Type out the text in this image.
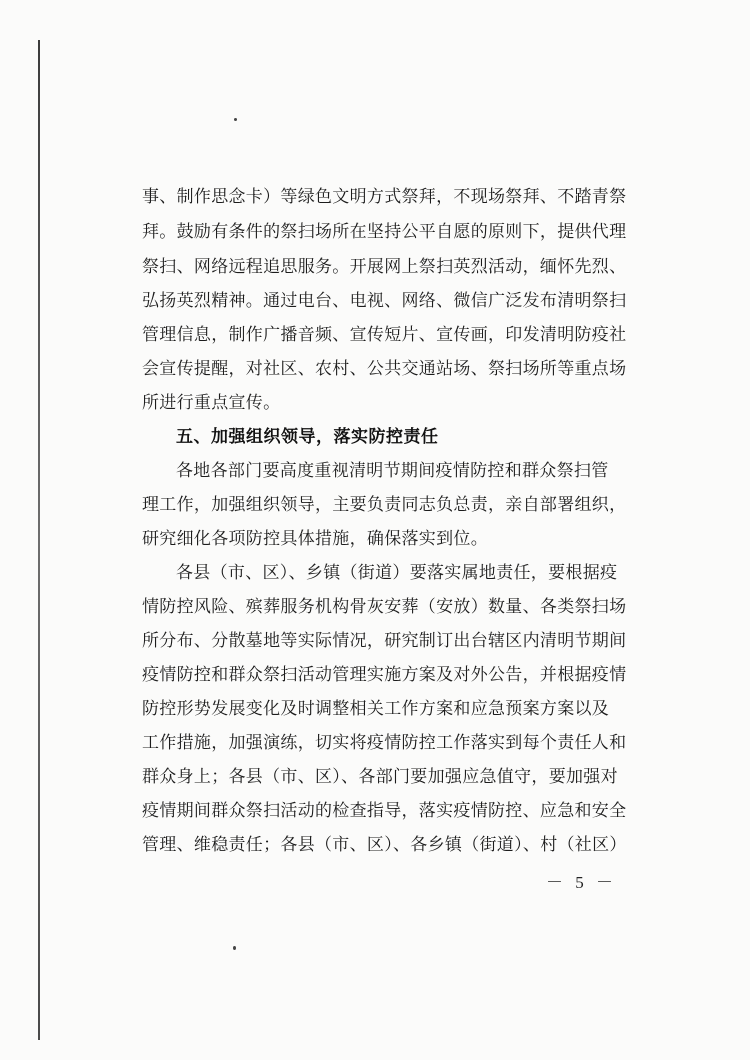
事、制作思念卡）等绿色文明方式祭拜，不现场祭拜、不踏青祭
拜。鼓励有条件的祭扫场所在坚持公平自愿的原则下，提供代理
祭扫、网络远程追思服务。开展网上祭扫英烈活动，缅怀先烈、
弘扬英烈精神。通过电台、电视、网络、微信广泛发布清明祭扫
管理信息，制作广播音频、宣传短片、宣传画，印发清明防疫社
会宣传提醒，对社区、农村、公共交通站场、祭扫场所等重点场
所进行重点宣传。
五、加强组织领导，落实防控责任
各地各部门要高度重视清明节期间疫情防控和群众祭扫管
理工作，加强组织领导，主要负责同志负总责，亲自部署组织，
研究细化各项防控具体措施，确保落实到位。
各县（市、区）、乡镇（街道）要落实属地责任，要根据疫
情防控风险、殡葬服务机构骨灰安葬（安放）数量、各类祭扫场
所分布、分散墓地等实际情况，研究制订出台辖区内清明节期间
疫情防控和群众祭扫活动管理实施方案及对外公告，并根据疫情
防控形势发展变化及时调整相关工作方案和应急预案方案以及
工作措施，加强演练，切实将疫情防控工作落实到每个责任人和
群众身上；各县（市、区）、各部门要加强应急值守，要加强对
疫情期间群众祭扫活动的检查指导，落实疫情防控、应急和安全
管理、维稳责任；各县（市、区）、各乡镇（街道）、村（社区）
－ 5 －
